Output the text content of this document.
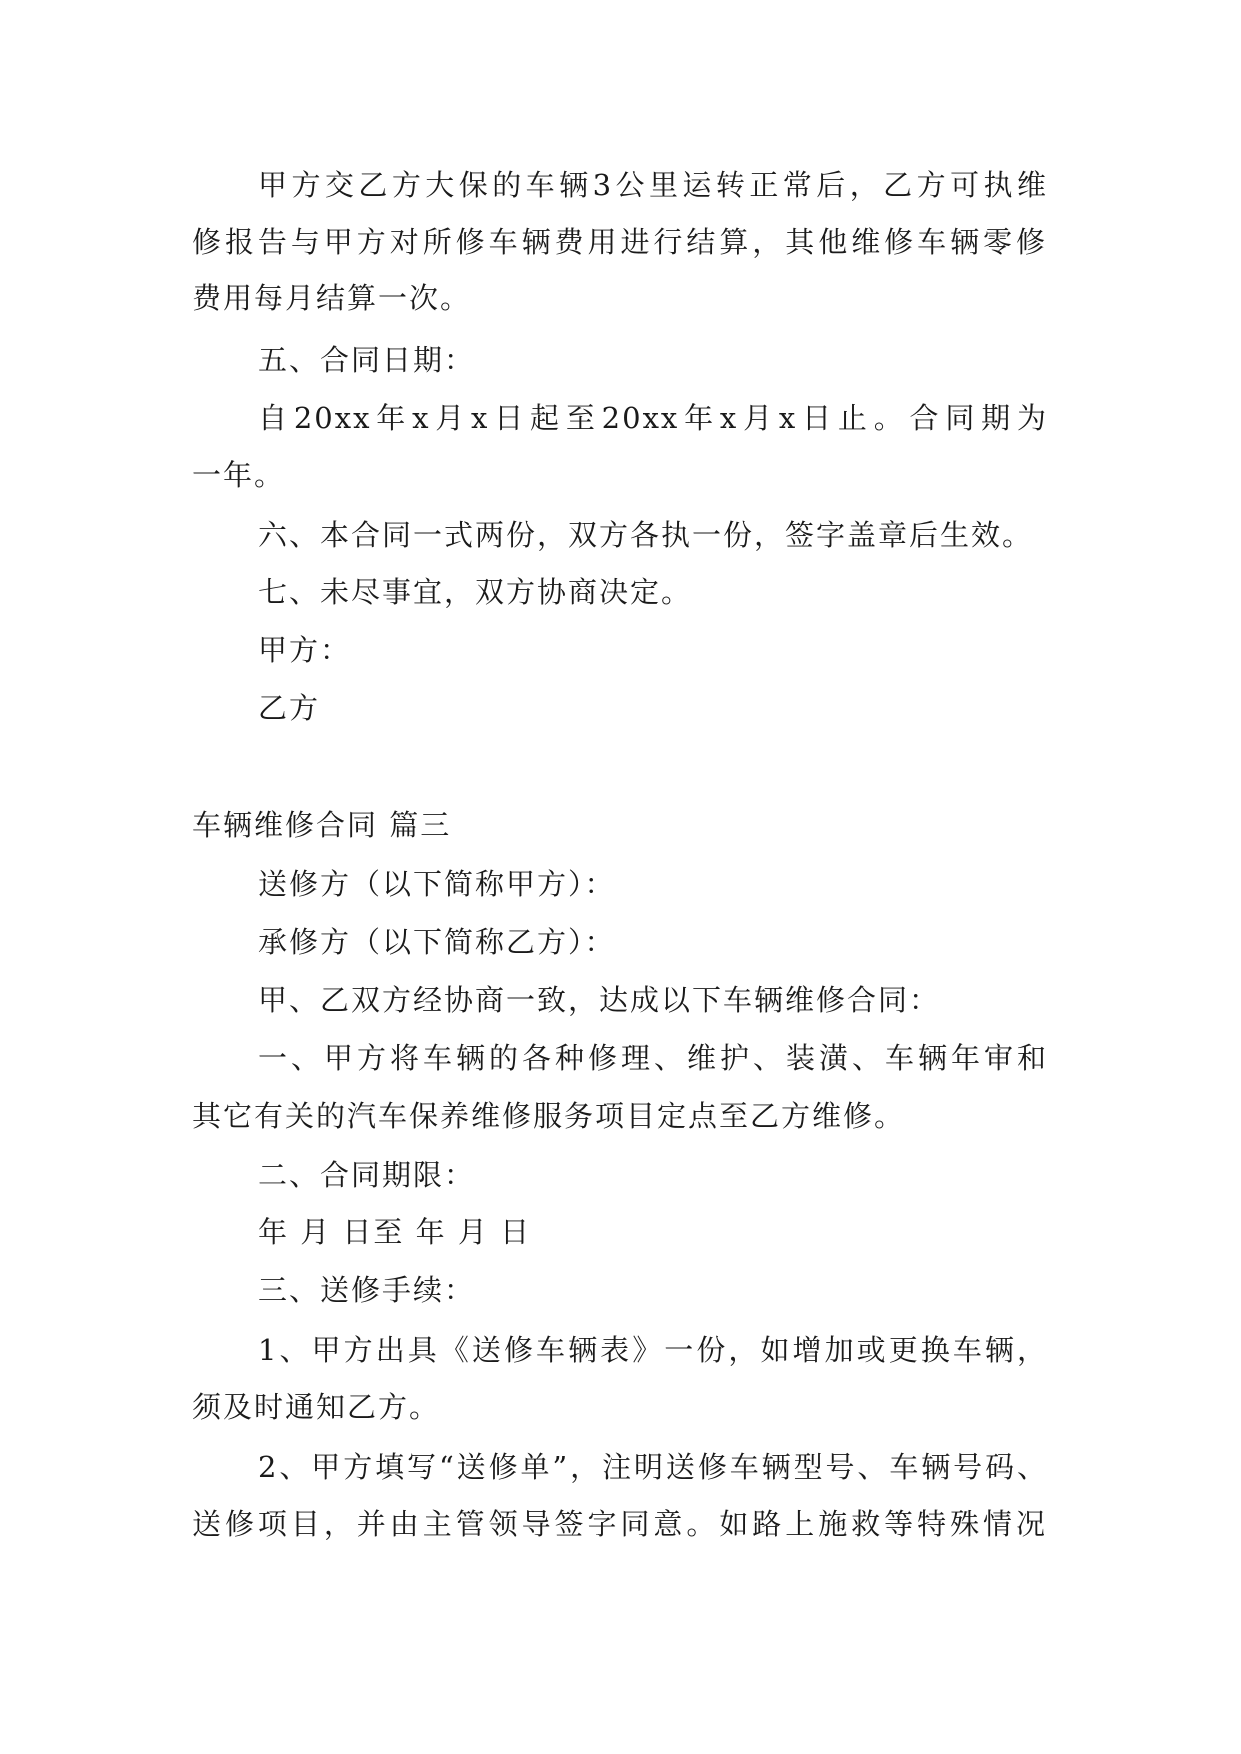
甲方交乙方大保的车辆3公里运转正常后，乙方可执维
修报告与甲方对所修车辆费用进行结算，其他维修车辆零修
费用每月结算一次。
五、合同日期：
自20xx年x月x日起至20xx年x月x日止。合同期为
一年。
六、本合同一式两份，双方各执一份，签字盖章后生效。
七、未尽事宜，双方协商决定。
甲方：
乙方
车辆维修合同 篇三
送修方（以下简称甲方）：
承修方（以下简称乙方）：
甲、乙双方经协商一致，达成以下车辆维修合同：
一、甲方将车辆的各种修理、维护、装潢、车辆年审和
其它有关的汽车保养维修服务项目定点至乙方维修。
二、合同期限：
年 月 日至 年 月 日
三、送修手续：
1、甲方出具《送修车辆表》一份，如增加或更换车辆，
须及时通知乙方。
2、甲方填写“送修单”，注明送修车辆型号、车辆号码、
送修项目，并由主管领导签字同意。如路上施救等特殊情况
